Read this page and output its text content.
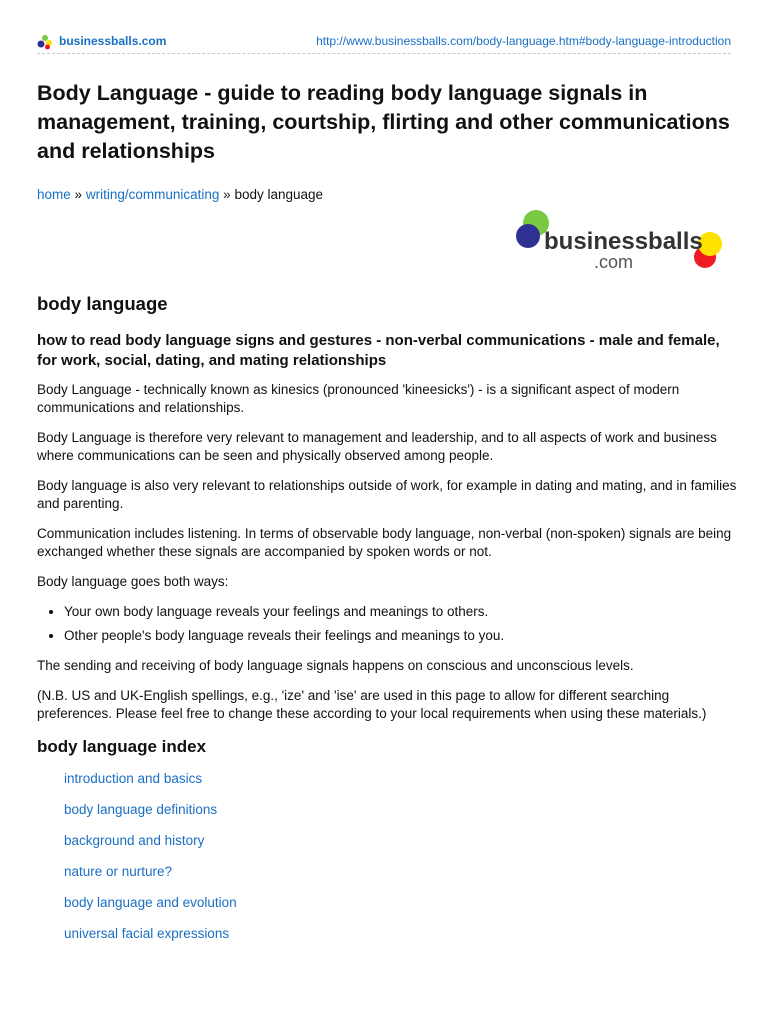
businessballs.com	http://www.businessballs.com/body-language.htm#body-language-introduction
Body Language - guide to reading body language signals in management, training, courtship, flirting and other communications and relationships
home » writing/communicating » body language
businessballs
.com
body language
how to read body language signs and gestures - non-verbal communications - male and female, for work, social, dating, and mating relationships

Body Language - technically known as kinesics (pronounced 'kineesicks') - is a significant aspect of modern communications and relationships.

Body Language is therefore very relevant to management and leadership, and to all aspects of work and business where communications can be seen and physically observed among people.

Body language is also very relevant to relationships outside of work, for example in dating and mating, and in families and parenting.

Communication includes listening. In terms of observable body language, non-verbal (non-spoken) signals are being exchanged whether these signals are accompanied by spoken words or not.

Body language goes both ways:

• Your own body language reveals your feelings and meanings to others.
• Other people's body language reveals their feelings and meanings to you.

The sending and receiving of body language signals happens on conscious and unconscious levels.

(N.B. US and UK-English spellings, e.g., 'ize' and 'ise' are used in this page to allow for different searching preferences. Please feel free to change these according to your local requirements when using these materials.)

body language index
introduction and basics
body language definitions
background and history
nature or nurture?
body language and evolution
universal facial expressions
